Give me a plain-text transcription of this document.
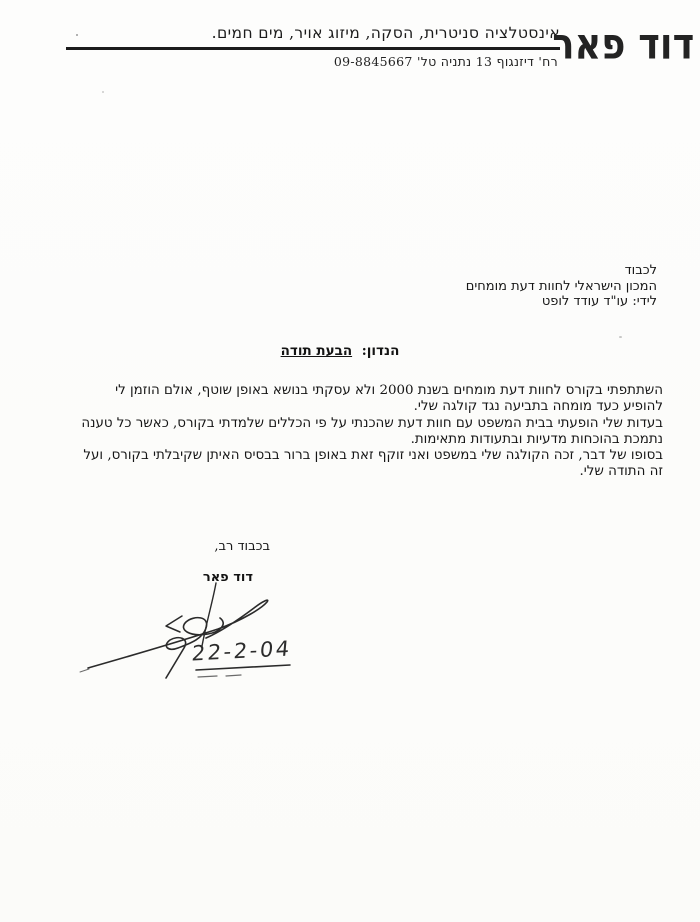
אינסטלציה סניטרית, הסקה, מיזוג אויר, מים חמים.
רח' דיזנגוף 13 נתניה טל' 09-8845667
דוד פאר
לכבוד
המכון הישראלי לחוות דעת מומחים
לידי: עו"ד עודד לופט
הנדון: הבעת תודה
השתתפתי בקורס לחוות דעת מומחים בשנת 2000 ולא עסקתי בנושא באופן שוטף, אולם הוזמן לי
להופיע כעד מומחה בתביעה נגד קולגה שלי.
בעדות שלי הופעתי בבית המשפט עם חוות דעת שהכנתי על פי הכללים שלמדתי בקורס, כאשר כל טענה
נתמכת בהוכחות מדעיות ובתעודות מתאימות.
בסופו של דבר, זכה הקולגה שלי במשפט ואני זוקף זאת באופן ברור בבסיס האיתן שקיבלתי בקורס, ועל
זה התודה שלי.
בכבוד רב,
דוד פאר
22-2-04
